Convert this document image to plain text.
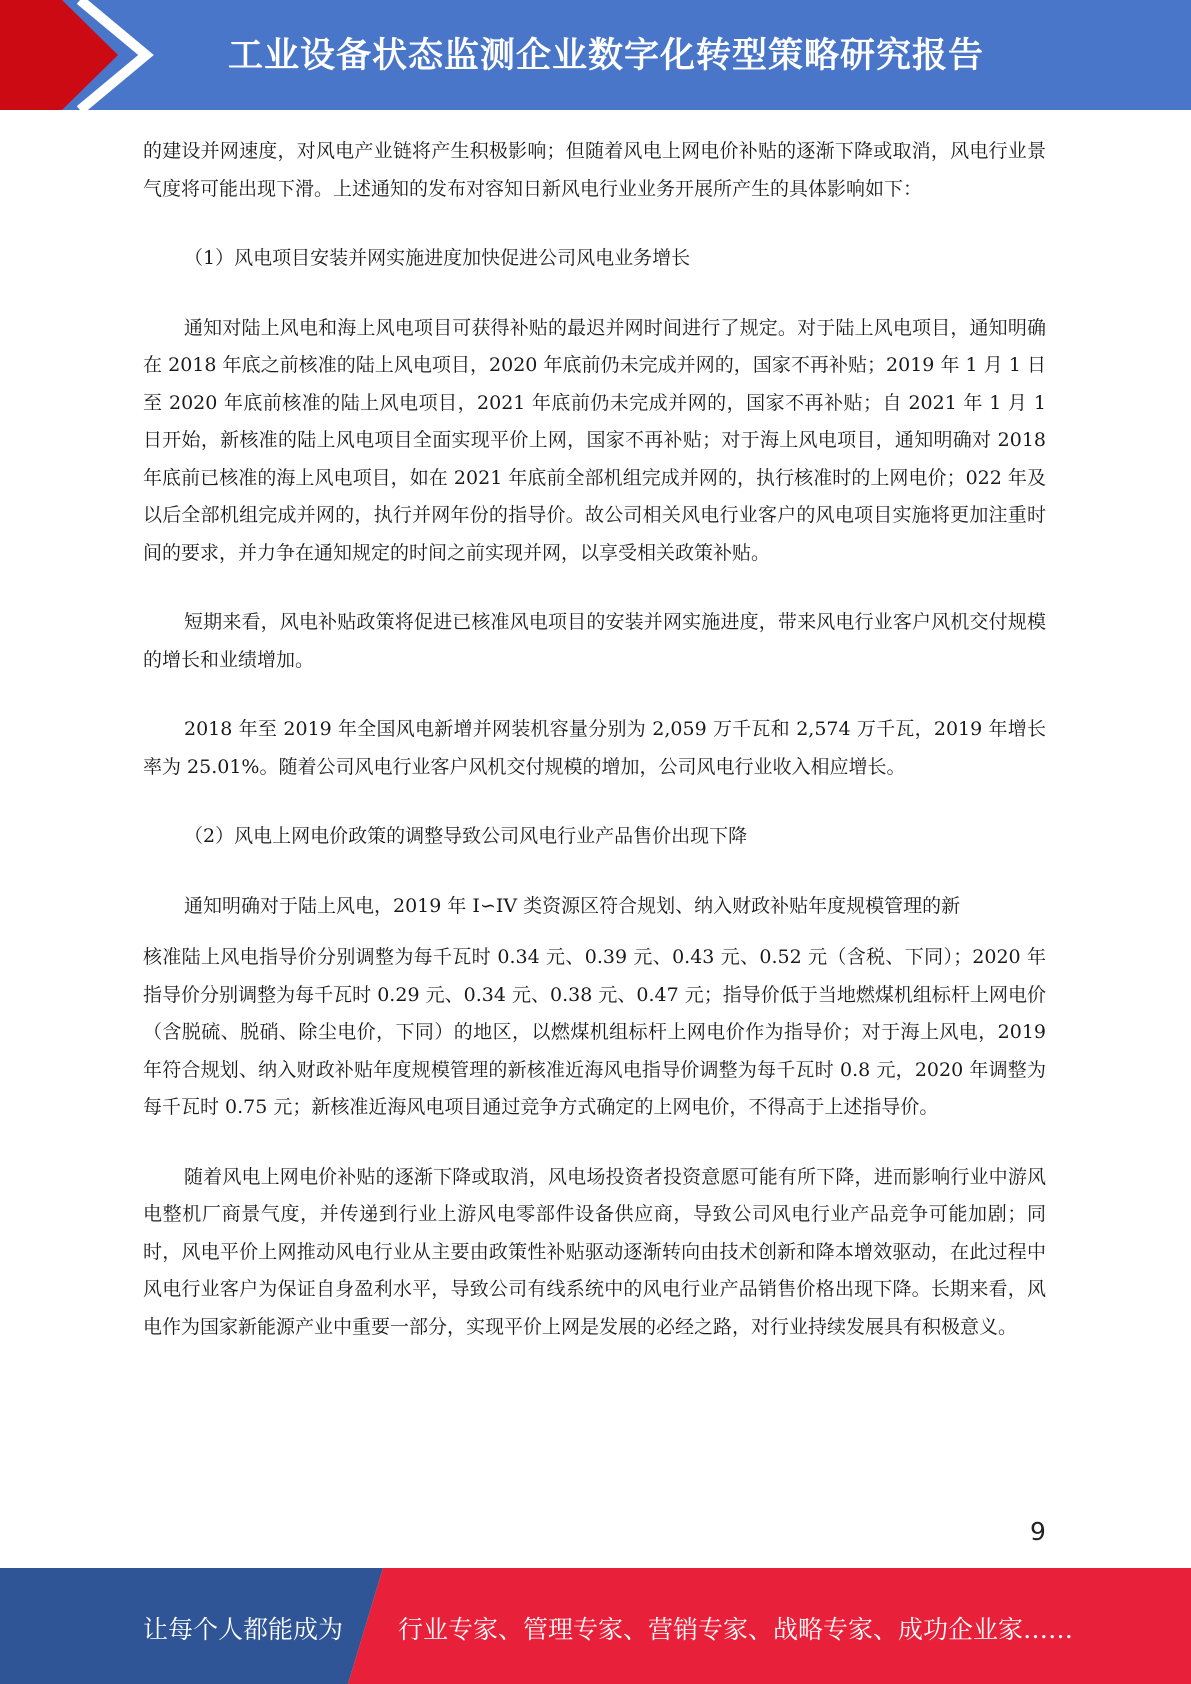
工业设备状态监测企业数字化转型策略研究报告

的建设并网速度，对风电产业链将产生积极影响；但随着风电上网电价补贴的逐渐下降或取消，风电行业景气度将可能出现下滑。上述通知的发布对容知日新风电行业业务开展所产生的具体影响如下：

（1）风电项目安装并网实施进度加快促进公司风电业务增长

通知对陆上风电和海上风电项目可获得补贴的最迟并网时间进行了规定。对于陆上风电项目，通知明确在 2018 年底之前核准的陆上风电项目，2020 年底前仍未完成并网的，国家不再补贴；2019 年 1 月 1 日至 2020 年底前核准的陆上风电项目，2021 年底前仍未完成并网的，国家不再补贴；自 2021 年 1 月 1 日开始，新核准的陆上风电项目全面实现平价上网，国家不再补贴；对于海上风电项目，通知明确对 2018 年底前已核准的海上风电项目，如在 2021 年底前全部机组完成并网的，执行核准时的上网电价；022 年及以后全部机组完成并网的，执行并网年份的指导价。故公司相关风电行业客户的风电项目实施将更加注重时间的要求，并力争在通知规定的时间之前实现并网，以享受相关政策补贴。

短期来看，风电补贴政策将促进已核准风电项目的安装并网实施进度，带来风电行业客户风机交付规模的增长和业绩增加。

2018 年至 2019 年全国风电新增并网装机容量分别为 2,059 万千瓦和 2,574 万千瓦，2019 年增长率为 25.01%。随着公司风电行业客户风机交付规模的增加，公司风电行业收入相应增长。

（2）风电上网电价政策的调整导致公司风电行业产品售价出现下降

通知明确对于陆上风电，2019 年 I∽IV 类资源区符合规划、纳入财政补贴年度规模管理的新

核准陆上风电指导价分别调整为每千瓦时 0.34 元、0.39 元、0.43 元、0.52 元（含税、下同）；2020 年指导价分别调整为每千瓦时 0.29 元、0.34 元、0.38 元、0.47 元；指导价低于当地燃煤机组标杆上网电价（含脱硫、脱硝、除尘电价，下同）的地区，以燃煤机组标杆上网电价作为指导价；对于海上风电，2019 年符合规划、纳入财政补贴年度规模管理的新核准近海风电指导价调整为每千瓦时 0.8 元，2020 年调整为每千瓦时 0.75 元；新核准近海风电项目通过竞争方式确定的上网电价，不得高于上述指导价。

随着风电上网电价补贴的逐渐下降或取消，风电场投资者投资意愿可能有所下降，进而影响行业中游风电整机厂商景气度，并传递到行业上游风电零部件设备供应商，导致公司风电行业产品竞争可能加剧；同时，风电平价上网推动风电行业从主要由政策性补贴驱动逐渐转向由技术创新和降本增效驱动，在此过程中风电行业客户为保证自身盈利水平，导致公司有线系统中的风电行业产品销售价格出现下降。长期来看，风电作为国家新能源产业中重要一部分，实现平价上网是发展的必经之路，对行业持续发展具有积极意义。

9
让每个人都能成为 行业专家、管理专家、营销专家、战略专家、成功企业家……
